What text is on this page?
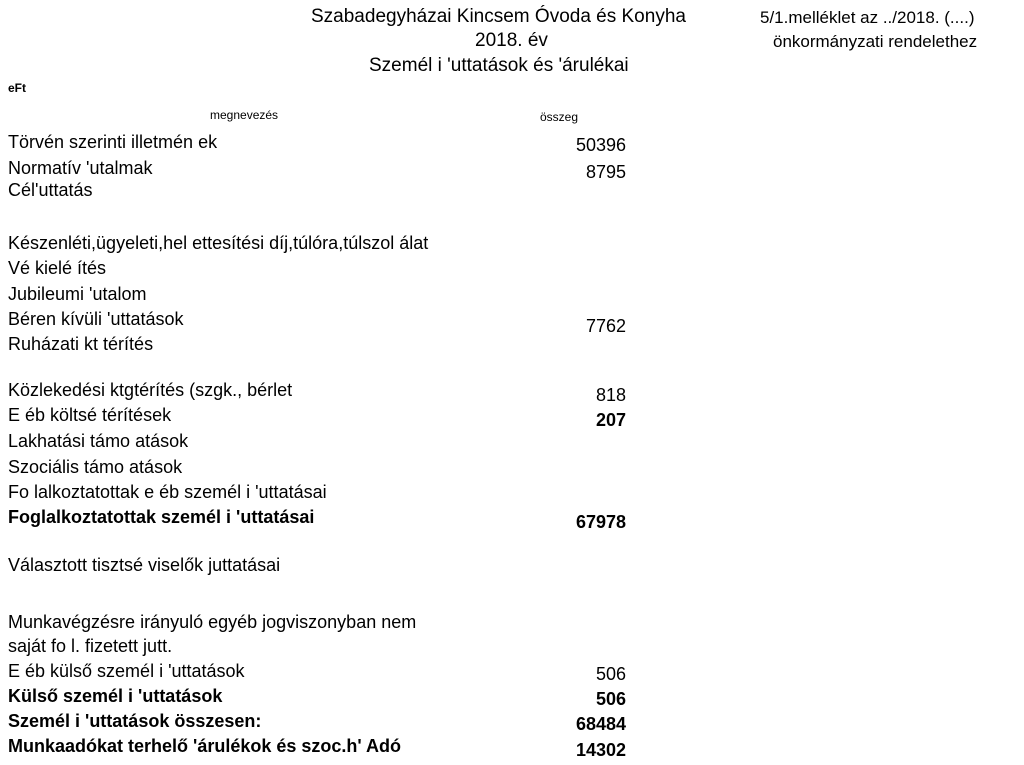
Szabadegyházai Kincsem Óvoda és Konyha
2018. év
Személ i 'uttatások és 'árulékai
5/1.melléklet az ../2018. (....)
önkormányzati rendelethez
eFt
megnevezés	összeg
Törvén szerinti illetmén ek	50396
Normatív 'utalmak	8795
Cél'uttatás
Készenléti,ügyeleti,hel ettesítési díj,túlóra,túlszol álat
Vé kielé ítés
Jubileumi 'utalom
Béren kívüli 'uttatások	7762
Ruházati kt térítés
Közlekedési ktgtérítés (szgk., bérlet	818
E éb költsé térítések	207
Lakhatási támo atások
Szociális támo atások
Fo lalkoztatottak e éb személ i 'uttatásai
Foglalkoztatottak személ i 'uttatásai	67978
Választott tisztsé viselők juttatásai
Munkavégzésre irányuló egyéb jogviszonyban nem
saját fo l. fizetett jutt.
E éb külső személ i 'uttatások	506
Külső személ i 'uttatások	506
Személ i 'uttatások összesen:	68484
Munkaadókat terhelő 'árulékok és szoc.h' Adó	14302
